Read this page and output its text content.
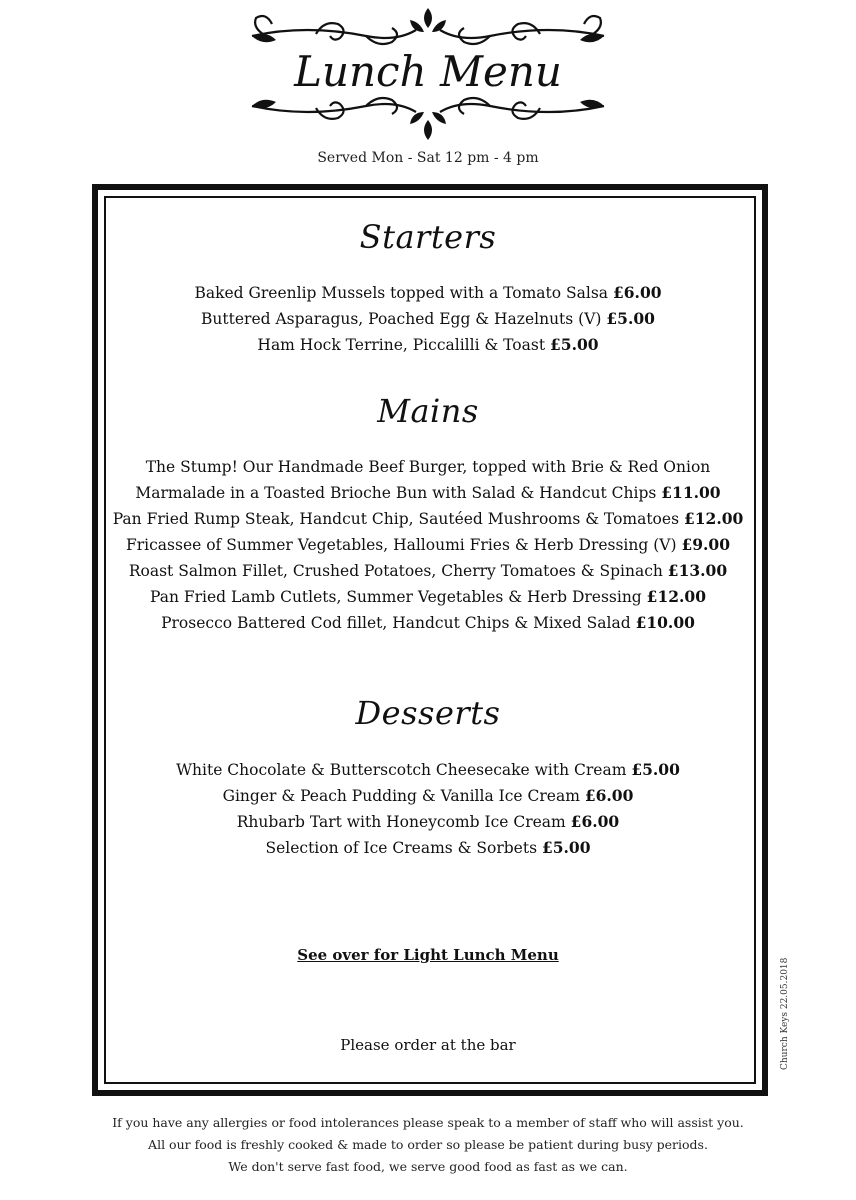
Lunch Menu
Served Mon - Sat 12 pm - 4 pm
Starters
Baked Greenlip Mussels topped with a Tomato Salsa £6.00
Buttered Asparagus, Poached Egg & Hazelnuts (V) £5.00
Ham Hock Terrine, Piccalilli & Toast £5.00
Mains
The Stump! Our Handmade Beef Burger, topped with Brie & Red Onion Marmalade in a Toasted Brioche Bun with Salad & Handcut Chips £11.00
Pan Fried Rump Steak, Handcut Chip, Sautéed Mushrooms & Tomatoes £12.00
Fricassee of Summer Vegetables, Halloumi Fries & Herb Dressing (V) £9.00
Roast Salmon Fillet, Crushed Potatoes, Cherry Tomatoes & Spinach £13.00
Pan Fried Lamb Cutlets, Summer Vegetables & Herb Dressing £12.00
Prosecco Battered Cod fillet, Handcut Chips & Mixed Salad £10.00
Desserts
White Chocolate & Butterscotch Cheesecake with Cream £5.00
Ginger & Peach Pudding & Vanilla Ice Cream £6.00
Rhubarb Tart with Honeycomb Ice Cream £6.00
Selection of Ice Creams & Sorbets £5.00
See over for Light Lunch Menu
Please order at the bar	Church Keys 22.05.2018
If you have any allergies or food intolerances please speak to a member of staff who will assist you.
All our food is freshly cooked & made to order so please be patient during busy periods.
We don't serve fast food, we serve good food as fast as we can.
